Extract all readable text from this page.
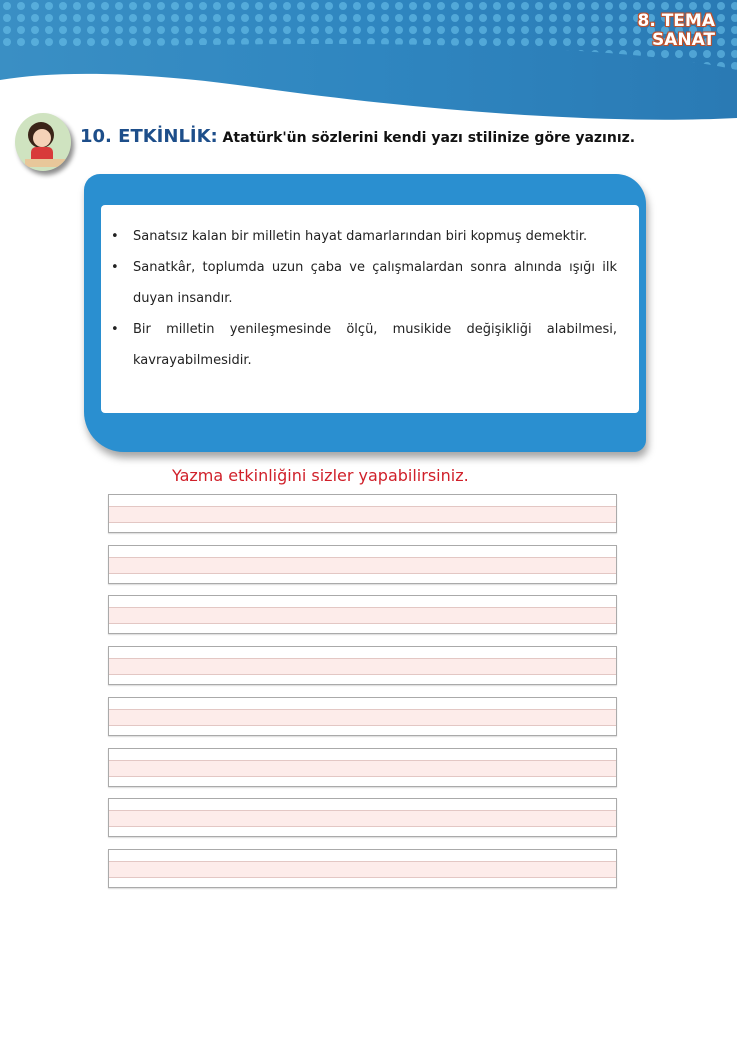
8. TEMA
SANAT
10. ETKİNLİK: Atatürk'ün sözlerini kendi yazı stilinize göre yazınız.
• Sanatsız kalan bir milletin hayat damarlarından biri kopmuş demektir.
• Sanatkâr, toplumda uzun çaba ve çalışmalardan sonra alnında ışığı ilk duyan insandır.
• Bir milletin yenileşmesinde ölçü, musikide değişikliği alabilmesi, kavrayabilmesidir.
Yazma etkinliğini sizler yapabilirsiniz.
